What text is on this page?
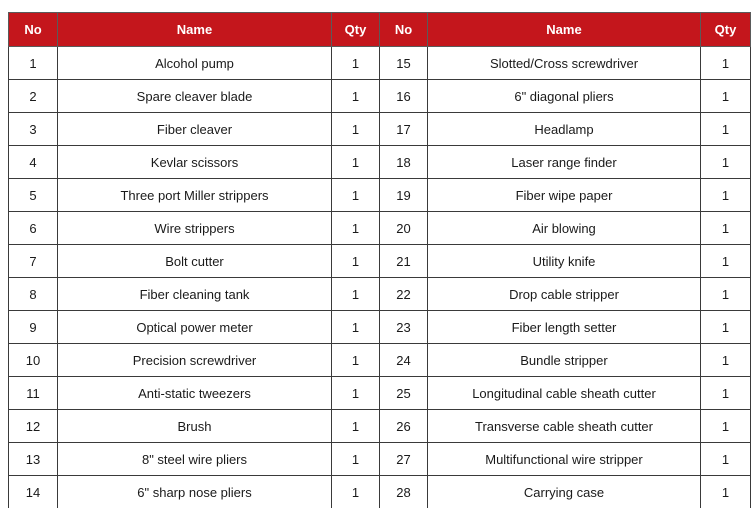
No	Name	Qty	No	Name	Qty
1	Alcohol pump	1	15	Slotted/Cross screwdriver	1
2	Spare cleaver blade	1	16	6" diagonal pliers	1
3	Fiber cleaver	1	17	Headlamp	1
4	Kevlar scissors	1	18	Laser range finder	1
5	Three port Miller strippers	1	19	Fiber wipe paper	1
6	Wire strippers	1	20	Air blowing	1
7	Bolt cutter	1	21	Utility knife	1
8	Fiber cleaning tank	1	22	Drop cable stripper	1
9	Optical power meter	1	23	Fiber length setter	1
10	Precision screwdriver	1	24	Bundle stripper	1
11	Anti-static tweezers	1	25	Longitudinal cable sheath cutter	1
12	Brush	1	26	Transverse cable sheath cutter	1
13	8" steel wire pliers	1	27	Multifunctional wire stripper	1
14	6" sharp nose pliers	1	28	Carrying case	1
